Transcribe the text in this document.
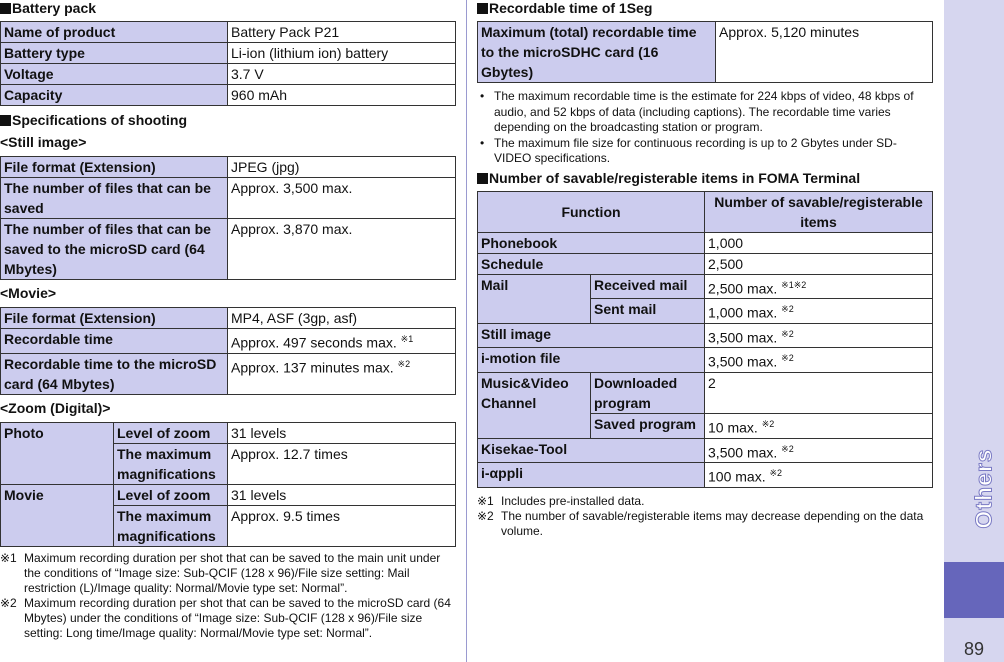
Battery pack
Name of product	Battery Pack P21
Battery type	Li-ion (lithium ion) battery
Voltage	3.7 V
Capacity	960 mAh
Specifications of shooting
<Still image>
File format (Extension)	JPEG (jpg)
The number of files that can be saved	Approx. 3,500 max.
The number of files that can be saved to the microSD card (64 Mbytes)	Approx. 3,870 max.
<Movie>
File format (Extension)	MP4, ASF (3gp, asf)
Recordable time	Approx. 497 seconds max. $^{※1}$
Recordable time to the microSD card (64 Mbytes)	Approx. 137 minutes max. $^{※2}$
<Zoom (Digital)>
Photo	Level of zoom	31 levels
	The maximum magnifications	Approx. 12.7 times
Movie	Level of zoom	31 levels
	The maximum magnifications	Approx. 9.5 times
※1 Maximum recording duration per shot that can be saved to the main unit under the conditions of “Image size: Sub-QCIF (128 x 96)/File size setting: Mail restriction (L)/Image quality: Normal/Movie type set: Normal”.
※2 Maximum recording duration per shot that can be saved to the microSD card (64 Mbytes) under the conditions of “Image size: Sub-QCIF (128 x 96)/File size setting: Long time/Image quality: Normal/Movie type set: Normal”.
Recordable time of 1Seg
Maximum (total) recordable time to the microSDHC card (16 Gbytes)	Approx. 5,120 minutes
• The maximum recordable time is the estimate for 224 kbps of video, 48 kbps of audio, and 52 kbps of data (including captions). The recordable time varies depending on the broadcasting station or program.
• The maximum file size for continuous recording is up to 2 Gbytes under SD-VIDEO specifications.
Number of savable/registerable items in FOMA Terminal
Function		Number of savable/registerable items
Phonebook		1,000
Schedule		2,500
Mail	Received mail	2,500 max. $^{※1※2}$
	Sent mail	1,000 max. $^{※2}$
Still image		3,500 max. $^{※2}$
i-motion file		3,500 max. $^{※2}$
Music&Video Channel	Downloaded program	2
	Saved program	10 max. $^{※2}$
Kisekae-Tool		3,500 max. $^{※2}$
i-αppli		100 max. $^{※2}$
※1 Includes pre-installed data.
※2 The number of savable/registerable items may decrease depending on the data volume.
Others
89
